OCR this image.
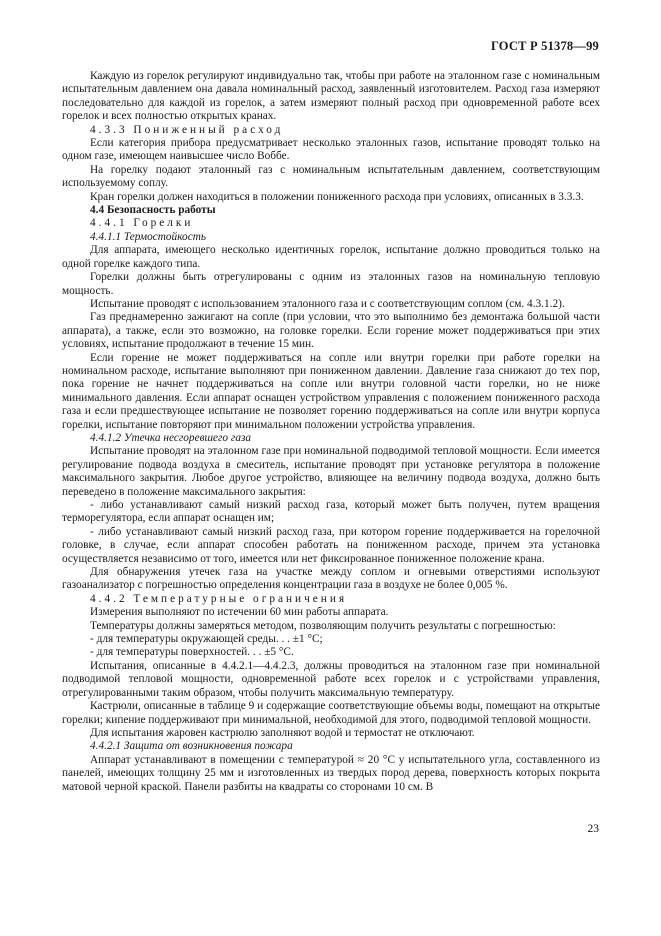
ГОСТ Р 51378—99

Каждую из горелок регулируют индивидуально так, чтобы при работе на эталонном газе с номинальным испытательным давлением она давала номинальный расход, заявленный изготовителем. Расход газа измеряют последовательно для каждой из горелок, а затем измеряют полный расход при одновременной работе всех горелок и всех полностью открытых кранах.

4.3.3 Пониженный расход

Если категория прибора предусматривает несколько эталонных газов, испытание проводят только на одном газе, имеющем наивысшее число Воббе.

На горелку подают эталонный газ с номинальным испытательным давлением, соответствующим используемому соплу.

Кран горелки должен находиться в положении пониженного расхода при условиях, описанных в 3.3.3.

4.4 Безопасность работы

4.4.1 Горелки

4.4.1.1 Термостойкость

Для аппарата, имеющего несколько идентичных горелок, испытание должно проводиться только на одной горелке каждого типа.

Горелки должны быть отрегулированы с одним из эталонных газов на номинальную тепловую мощность.

Испытание проводят с использованием эталонного газа и с соответствующим соплом (см. 4.3.1.2).

Газ преднамеренно зажигают на сопле (при условии, что это выполнимо без демонтажа большой части аппарата), а также, если это возможно, на головке горелки. Если горение может поддерживаться при этих условиях, испытание продолжают в течение 15 мин.

Если горение не может поддерживаться на сопле или внутри горелки при работе горелки на номинальном расходе, испытание выполняют при пониженном давлении. Давление газа снижают до тех пор, пока горение не начнет поддерживаться на сопле или внутри головной части горелки, но не ниже минимального давления. Если аппарат оснащен устройством управления с положением пониженного расхода газа и если предшествующее испытание не позволяет горению поддерживаться на сопле или внутри корпуса горелки, испытание повторяют при минимальном положении устройства управления.

4.4.1.2 Утечка несгоревшего газа

Испытание проводят на эталонном газе при номинальной подводимой тепловой мощности. Если имеется регулирование подвода воздуха в смеситель, испытание проводят при установке регулятора в положение максимального закрытия. Любое другое устройство, влияющее на величину подвода воздуха, должно быть переведено в положение максимального закрытия:

- либо устанавливают самый низкий расход газа, который может быть получен, путем вращения терморегулятора, если аппарат оснащен им;

- либо устанавливают самый низкий расход газа, при котором горение поддерживается на горелочной головке, в случае, если аппарат способен работать на пониженном расходе, причем эта установка осуществляется независимо от того, имеется или нет фиксированное пониженное положение крана.

Для обнаружения утечек газа на участке между соплом и огневыми отверстиями используют газоанализатор с погрешностью определения концентрации газа в воздухе не более 0,005 %.

4.4.2 Температурные ограничения

Измерения выполняют по истечении 60 мин работы аппарата.

Температуры должны замеряться методом, позволяющим получить результаты с погрешностью:

- для температуры окружающей среды. . . ±1 °C;

- для температуры поверхностей. . . ±5 °C.

Испытания, описанные в 4.4.2.1—4.4.2.3, должны проводиться на эталонном газе при номинальной подводимой тепловой мощности, одновременной работе всех горелок и с устройствами управления, отрегулированными таким образом, чтобы получить максимальную температуру.

Кастрюли, описанные в таблице 9 и содержащие соответствующие объемы воды, помещают на открытые горелки; кипение поддерживают при минимальной, необходимой для этого, подводимой тепловой мощности.

Для испытания жаровен кастрюлю заполняют водой и термостат не отключают.

4.4.2.1 Защита от возникновения пожара

Аппарат устанавливают в помещении с температурой ≈ 20 °C у испытательного угла, составленного из панелей, имеющих толщину 25 мм и изготовленных из твердых пород дерева, поверхность которых покрыта матовой черной краской. Панели разбиты на квадраты со сторонами 10 см. В

23
